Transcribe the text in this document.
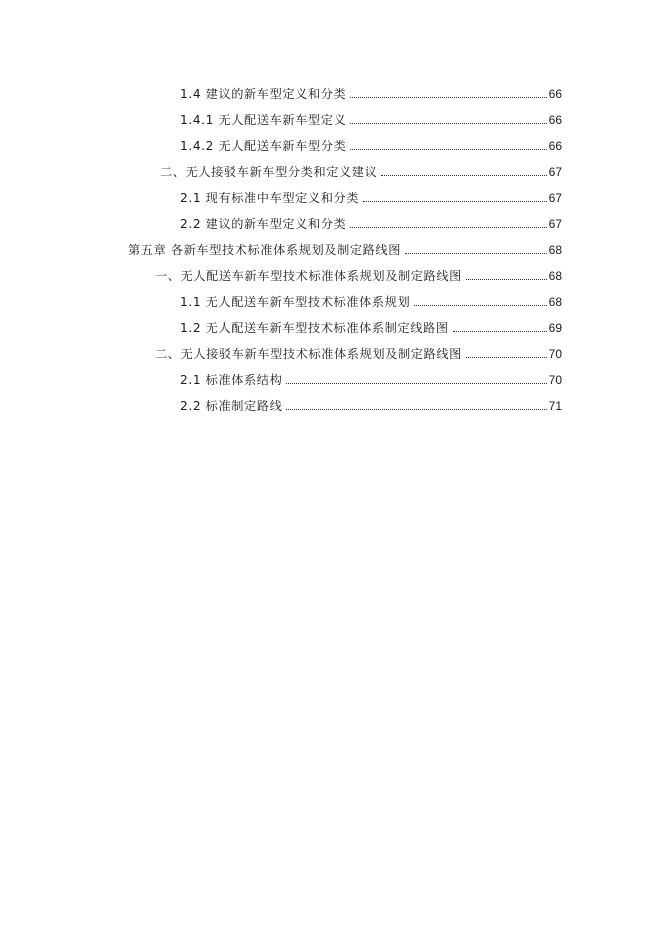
1.4 建议的新车型定义和分类	66
1.4.1 无人配送车新车型定义	66
1.4.2 无人配送车新车型分类	66
二、无人接驳车新车型分类和定义建议	67
2.1 现有标准中车型定义和分类	67
2.2 建议的新车型定义和分类	67
第五章 各新车型技术标准体系规划及制定路线图	68
一、无人配送车新车型技术标准体系规划及制定路线图	68
1.1 无人配送车新车型技术标准体系规划	68
1.2 无人配送车新车型技术标准体系制定线路图	69
二、无人接驳车新车型技术标准体系规划及制定路线图	70
2.1 标准体系结构	70
2.2 标准制定路线	71
